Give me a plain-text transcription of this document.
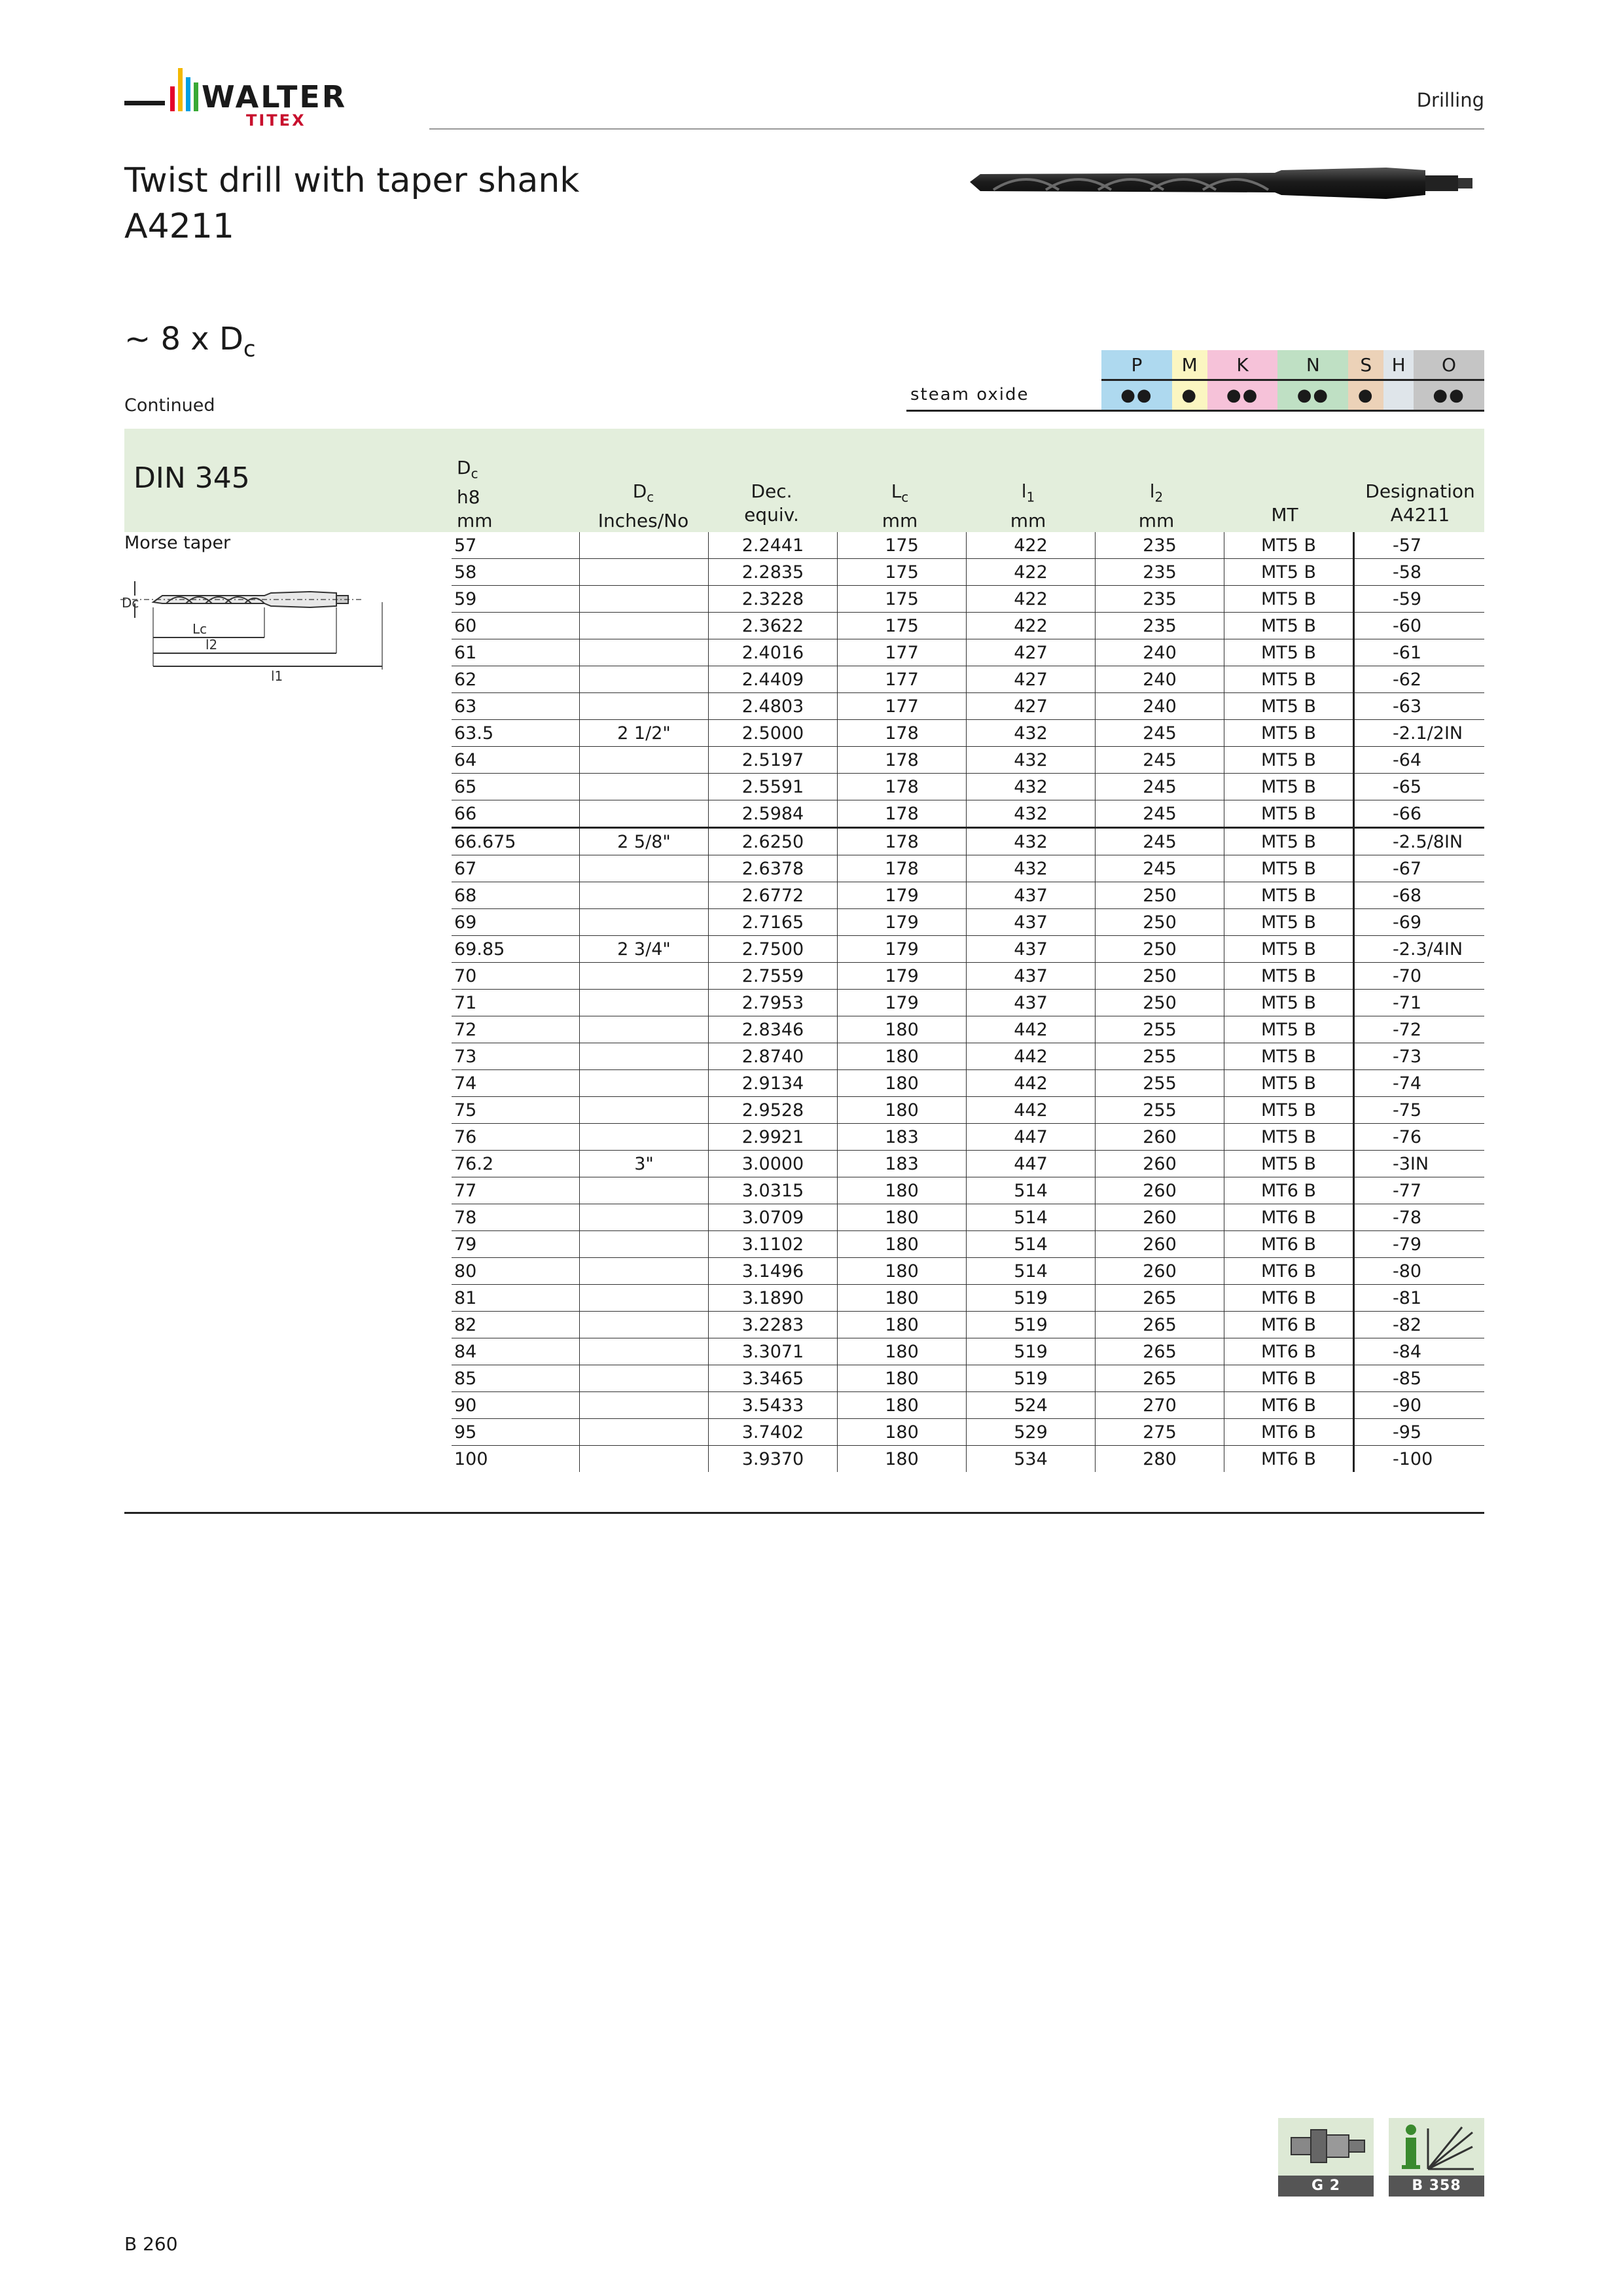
WALTER
TITEX
Drilling
Twist drill with taper shank
A4211
~ 8 x $D_c$
Continued
	P	M	K	N	S	H	O
steam oxide	●●	●	●●	●●	●		●●
DIN 345	$D_c$
h8
mm

$D_c$
Inches/No

Dec.
equiv.

$L_c$
mm

$l_1$
mm

$l_2$
mm

	MT

Designation
A4211
Morse taper
Dc
Lc
l2
l1
57		2.2441	175	422	235	MT5 B	-57
58		2.2835	175	422	235	MT5 B	-58
59		2.3228	175	422	235	MT5 B	-59
60		2.3622	175	422	235	MT5 B	-60
61		2.4016	177	427	240	MT5 B	-61
62		2.4409	177	427	240	MT5 B	-62
63		2.4803	177	427	240	MT5 B	-63
63.5	2 1/2"	2.5000	178	432	245	MT5 B	-2.1/2IN
64		2.5197	178	432	245	MT5 B	-64
65		2.5591	178	432	245	MT5 B	-65
66		2.5984	178	432	245	MT5 B	-66
66.675	2 5/8"	2.6250	178	432	245	MT5 B	-2.5/8IN
67		2.6378	178	432	245	MT5 B	-67
68		2.6772	179	437	250	MT5 B	-68
69		2.7165	179	437	250	MT5 B	-69
69.85	2 3/4"	2.7500	179	437	250	MT5 B	-2.3/4IN
70		2.7559	179	437	250	MT5 B	-70
71		2.7953	179	437	250	MT5 B	-71
72		2.8346	180	442	255	MT5 B	-72
73		2.8740	180	442	255	MT5 B	-73
74		2.9134	180	442	255	MT5 B	-74
75		2.9528	180	442	255	MT5 B	-75
76		2.9921	183	447	260	MT5 B	-76
76.2	3"	3.0000	183	447	260	MT5 B	-3IN
77		3.0315	180	514	260	MT6 B	-77
78		3.0709	180	514	260	MT6 B	-78
79		3.1102	180	514	260	MT6 B	-79
80		3.1496	180	514	260	MT6 B	-80
81		3.1890	180	519	265	MT6 B	-81
82		3.2283	180	519	265	MT6 B	-82
84		3.3071	180	519	265	MT6 B	-84
85		3.3465	180	519	265	MT6 B	-85
90		3.5433	180	524	270	MT6 B	-90
95		3.7402	180	529	275	MT6 B	-95
100		3.9370	180	534	280	MT6 B	-100
G 2	B 358
B 260
